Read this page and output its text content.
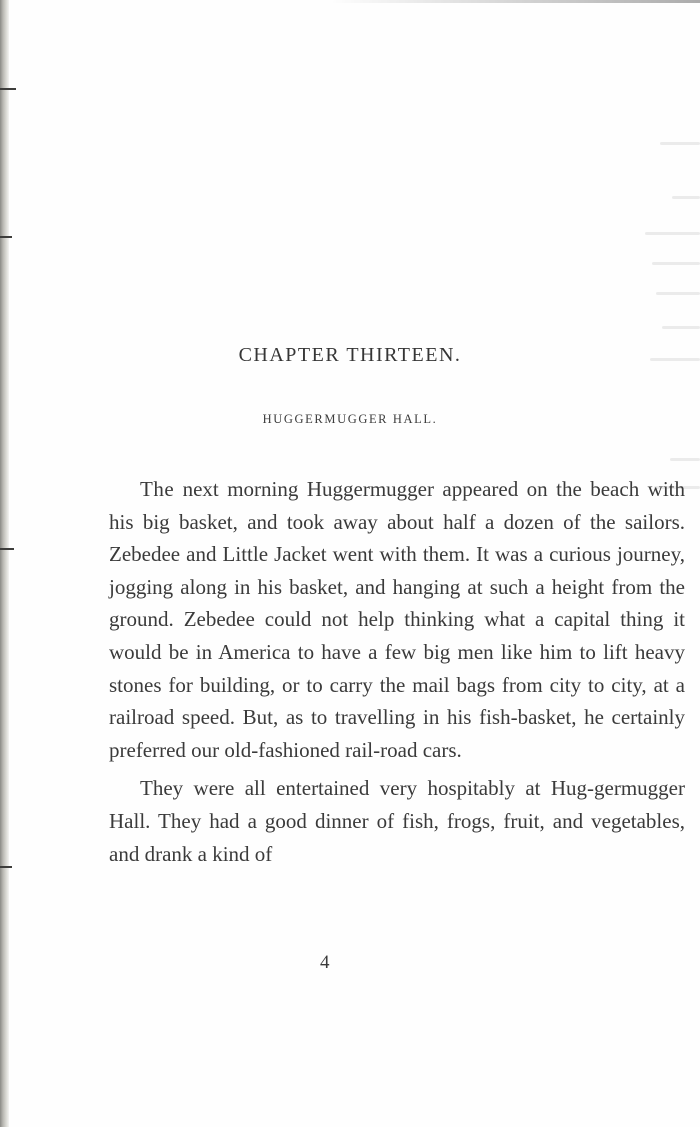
CHAPTER THIRTEEN.
HUGGERMUGGER HALL.

The next morning Huggermugger appeared on the beach with his big basket, and took away about half a dozen of the sailors. Zebedee and Little Jacket went with them. It was a curious journey, jogging along in his basket, and hanging at such a height from the ground. Zebedee could not help thinking what a capital thing it would be in America to have a few big men like him to lift heavy stones for building, or to carry the mail bags from city to city, at a railroad speed. But, as to travelling in his fish-basket, he certainly preferred our old-fashioned rail-road cars.

They were all entertained very hospitably at Hug-germugger Hall. They had a good dinner of fish, frogs, fruit, and vegetables, and drank a kind of

4
